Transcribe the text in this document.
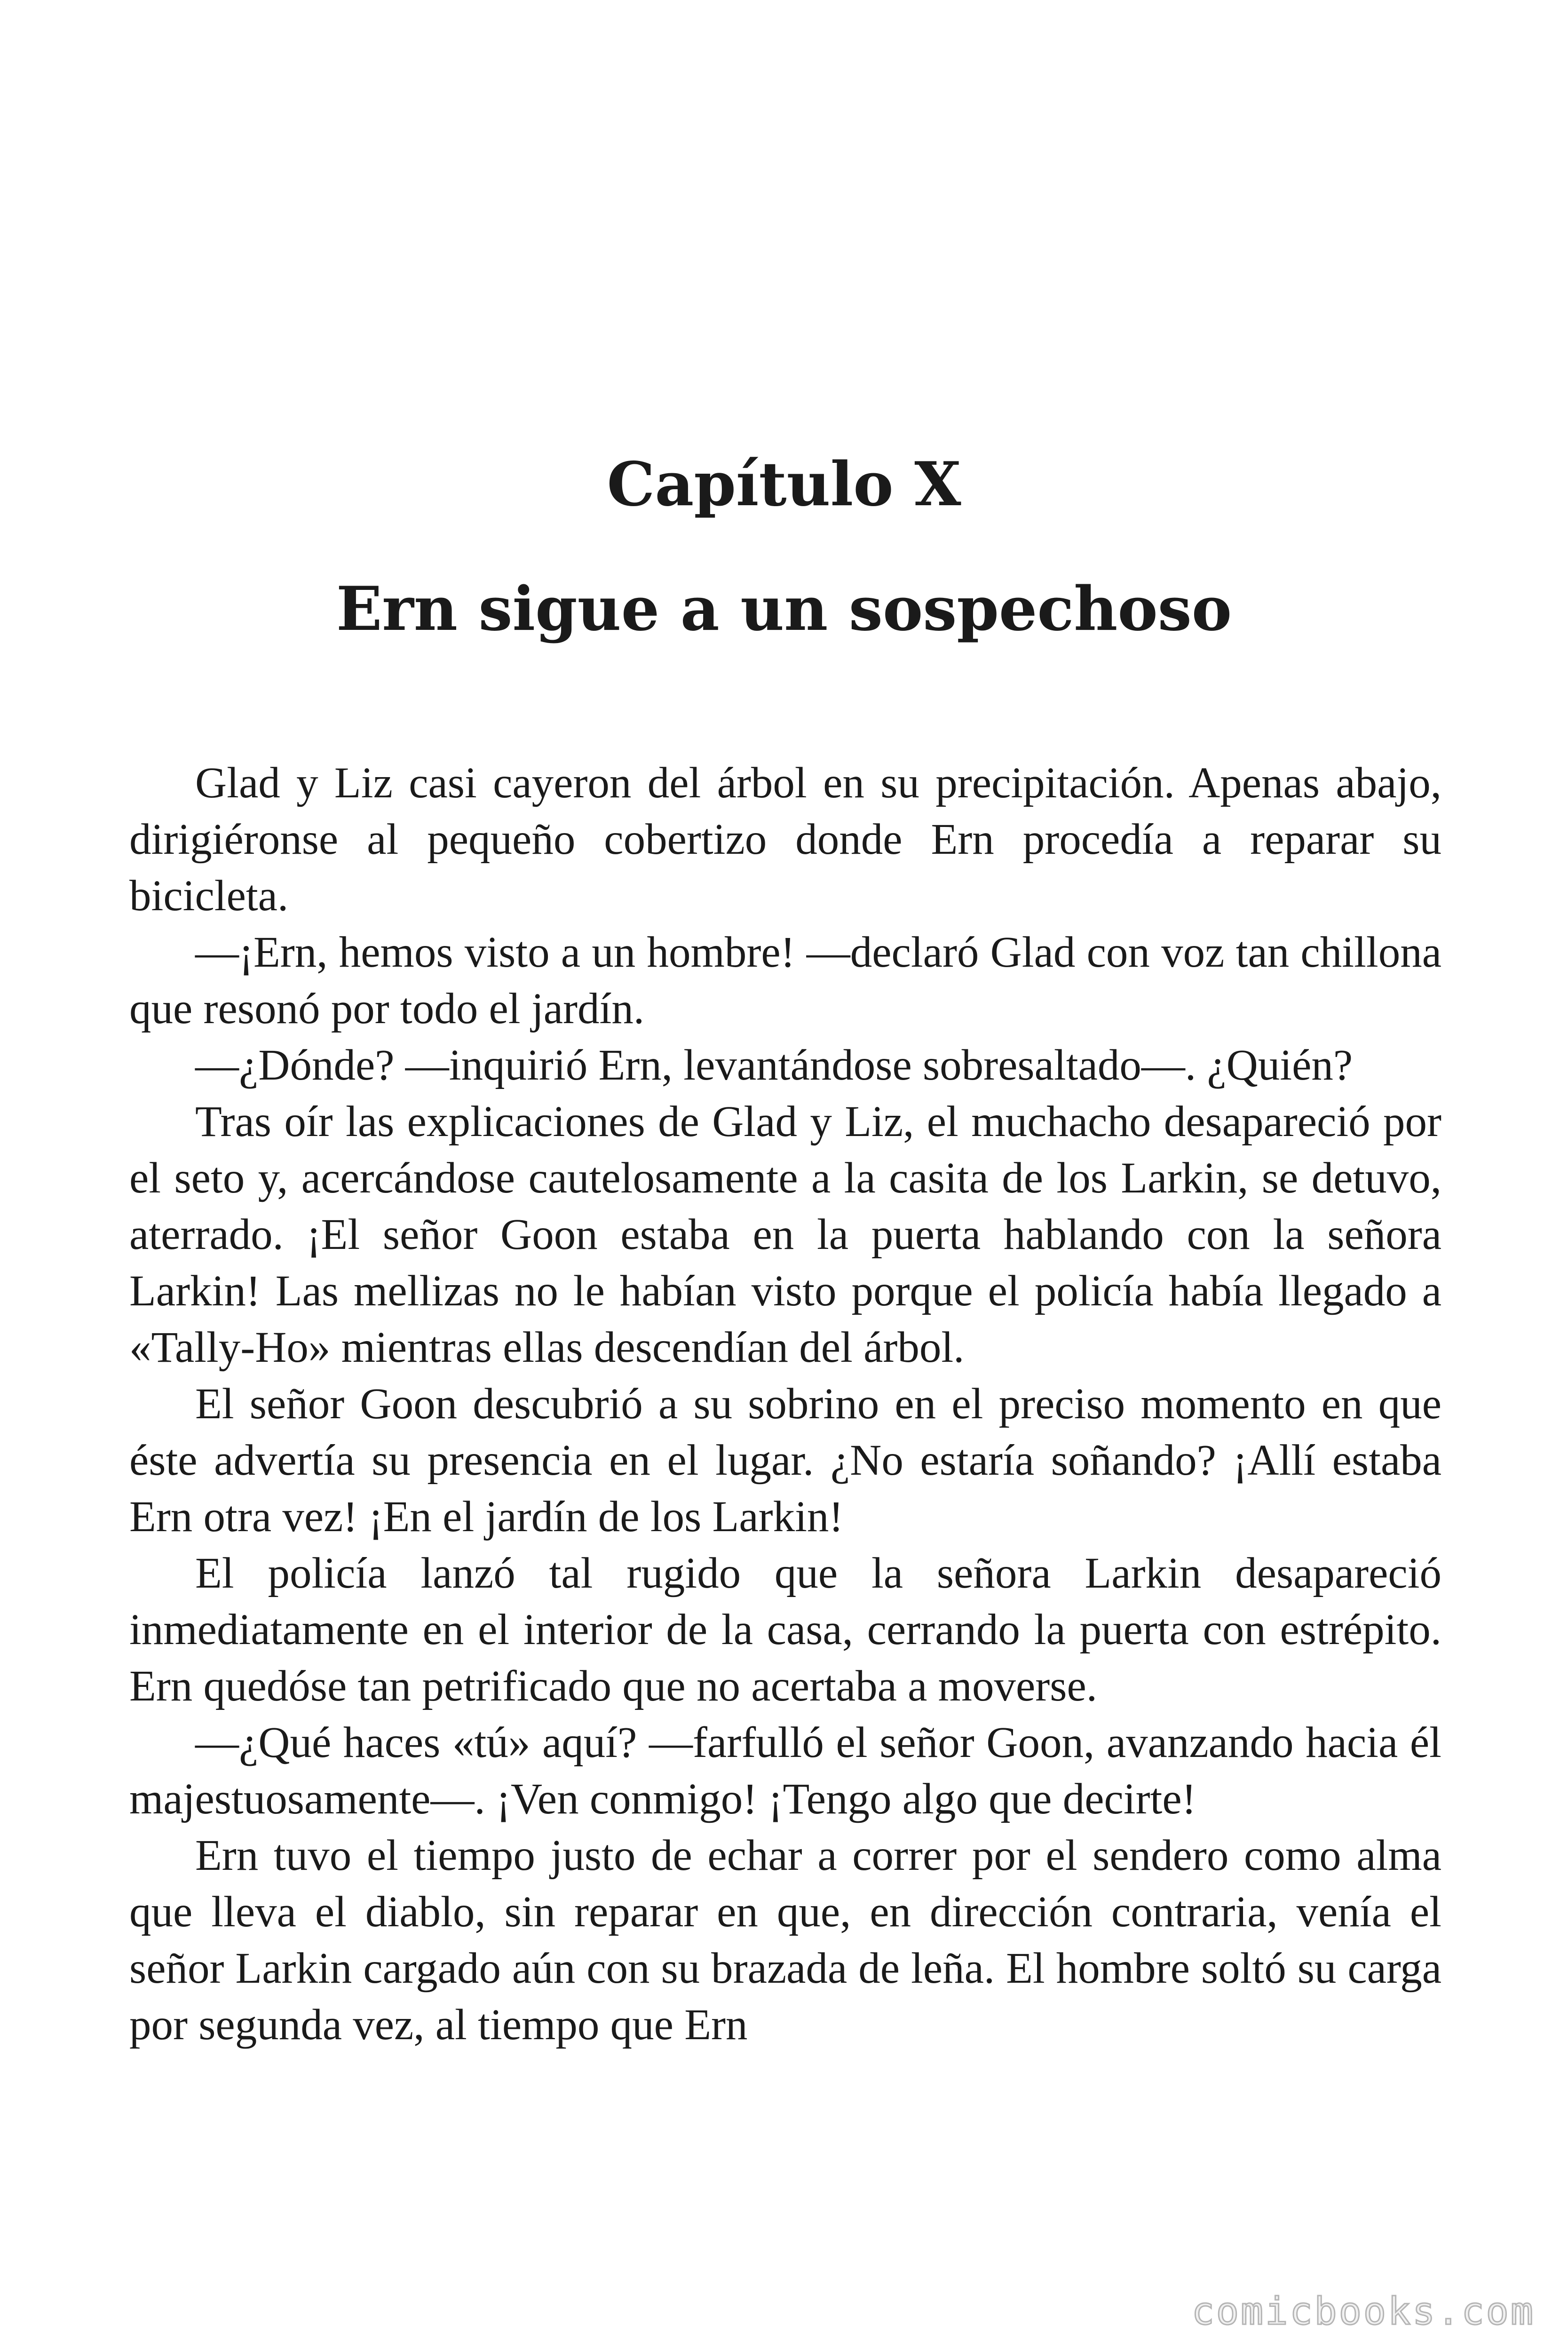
Capítulo X
Ern sigue a un sospechoso

Glad y Liz casi cayeron del árbol en su precipitación. Apenas abajo, dirigiéronse al pequeño cobertizo donde Ern procedía a reparar su bicicleta.

—¡Ern, hemos visto a un hombre! —declaró Glad con voz tan chillona que resonó por todo el jardín.

—¿Dónde? —inquirió Ern, levantándose sobresaltado—. ¿Quién?

Tras oír las explicaciones de Glad y Liz, el muchacho desapareció por el seto y, acercándose cautelosamente a la casita de los Larkin, se detuvo, aterrado. ¡El señor Goon estaba en la puerta hablando con la señora Larkin! Las mellizas no le habían visto porque el policía había llegado a «Tally-Ho» mientras ellas descendían del árbol.

El señor Goon descubrió a su sobrino en el preciso momento en que éste advertía su presencia en el lugar. ¿No estaría soñando? ¡Allí estaba Ern otra vez! ¡En el jardín de los Larkin!

El policía lanzó tal rugido que la señora Larkin desapareció inmediatamente en el interior de la casa, cerrando la puerta con estrépito. Ern quedóse tan petrificado que no acertaba a moverse.

—¿Qué haces «tú» aquí? —farfulló el señor Goon, avanzando hacia él majestuosamente—. ¡Ven conmigo! ¡Tengo algo que decirte!

Ern tuvo el tiempo justo de echar a correr por el sendero como alma que lleva el diablo, sin reparar en que, en dirección contraria, venía el señor Larkin cargado aún con su brazada de leña. El hombre soltó su carga por segunda vez, al tiempo que Ern

comicbooks.com
